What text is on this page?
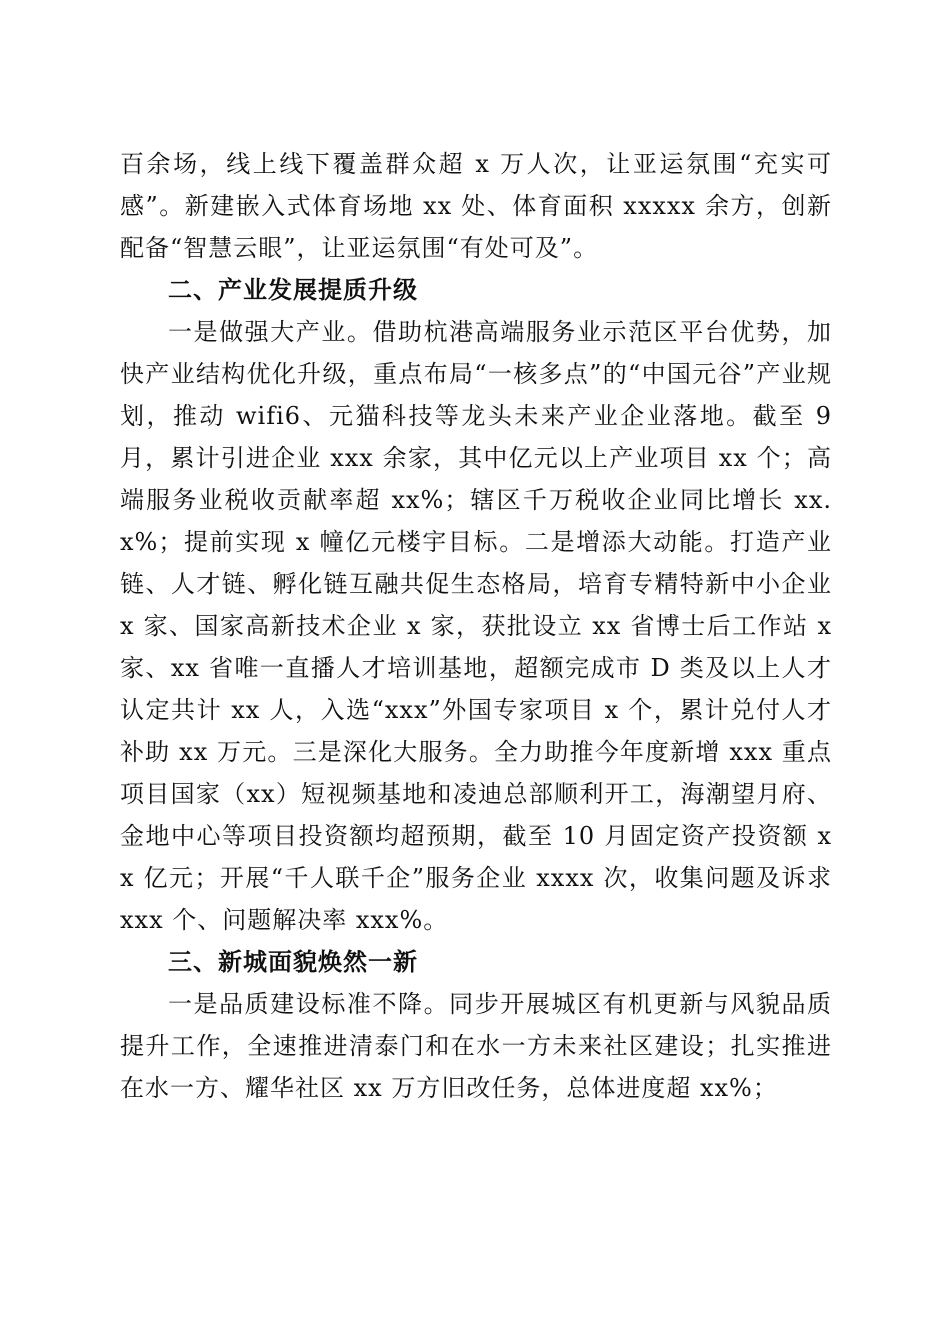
百余场，线上线下覆盖群众超 x 万人次，让亚运氛围“充实可感”。新建嵌入式体育场地 xx 处、体育面积 xxxxx 余方，创新配备“智慧云眼”，让亚运氛围“有处可及”。

二、产业发展提质升级

一是做强大产业。借助杭港高端服务业示范区平台优势，加快产业结构优化升级，重点布局“一核多点”的“中国元谷”产业规划，推动 wifi6、元猫科技等龙头未来产业企业落地。截至 9 月，累计引进企业 xxx 余家，其中亿元以上产业项目 xx 个；高端服务业税收贡献率超 xx%；辖区千万税收企业同比增长 xx.x%；提前实现 x 幢亿元楼宇目标。二是增添大动能。打造产业链、人才链、孵化链互融共促生态格局，培育专精特新中小企业 x 家、国家高新技术企业 x 家，获批设立 xx 省博士后工作站 x 家、xx 省唯一直播人才培训基地，超额完成市 D 类及以上人才认定共计 xx 人，入选“xxx”外国专家项目 x 个，累计兑付人才补助 xx 万元。三是深化大服务。全力助推今年度新增 xxx 重点项目国家（xx）短视频基地和凌迪总部顺利开工，海潮望月府、金地中心等项目投资额均超预期，截至 10 月固定资产投资额 xx 亿元；开展“千人联千企”服务企业 xxxx 次，收集问题及诉求 xxx 个、问题解决率 xxx%。

三、新城面貌焕然一新

一是品质建设标准不降。同步开展城区有机更新与风貌品质提升工作，全速推进清泰门和在水一方未来社区建设；扎实推进在水一方、耀华社区 xx 万方旧改任务，总体进度超 xx%；
